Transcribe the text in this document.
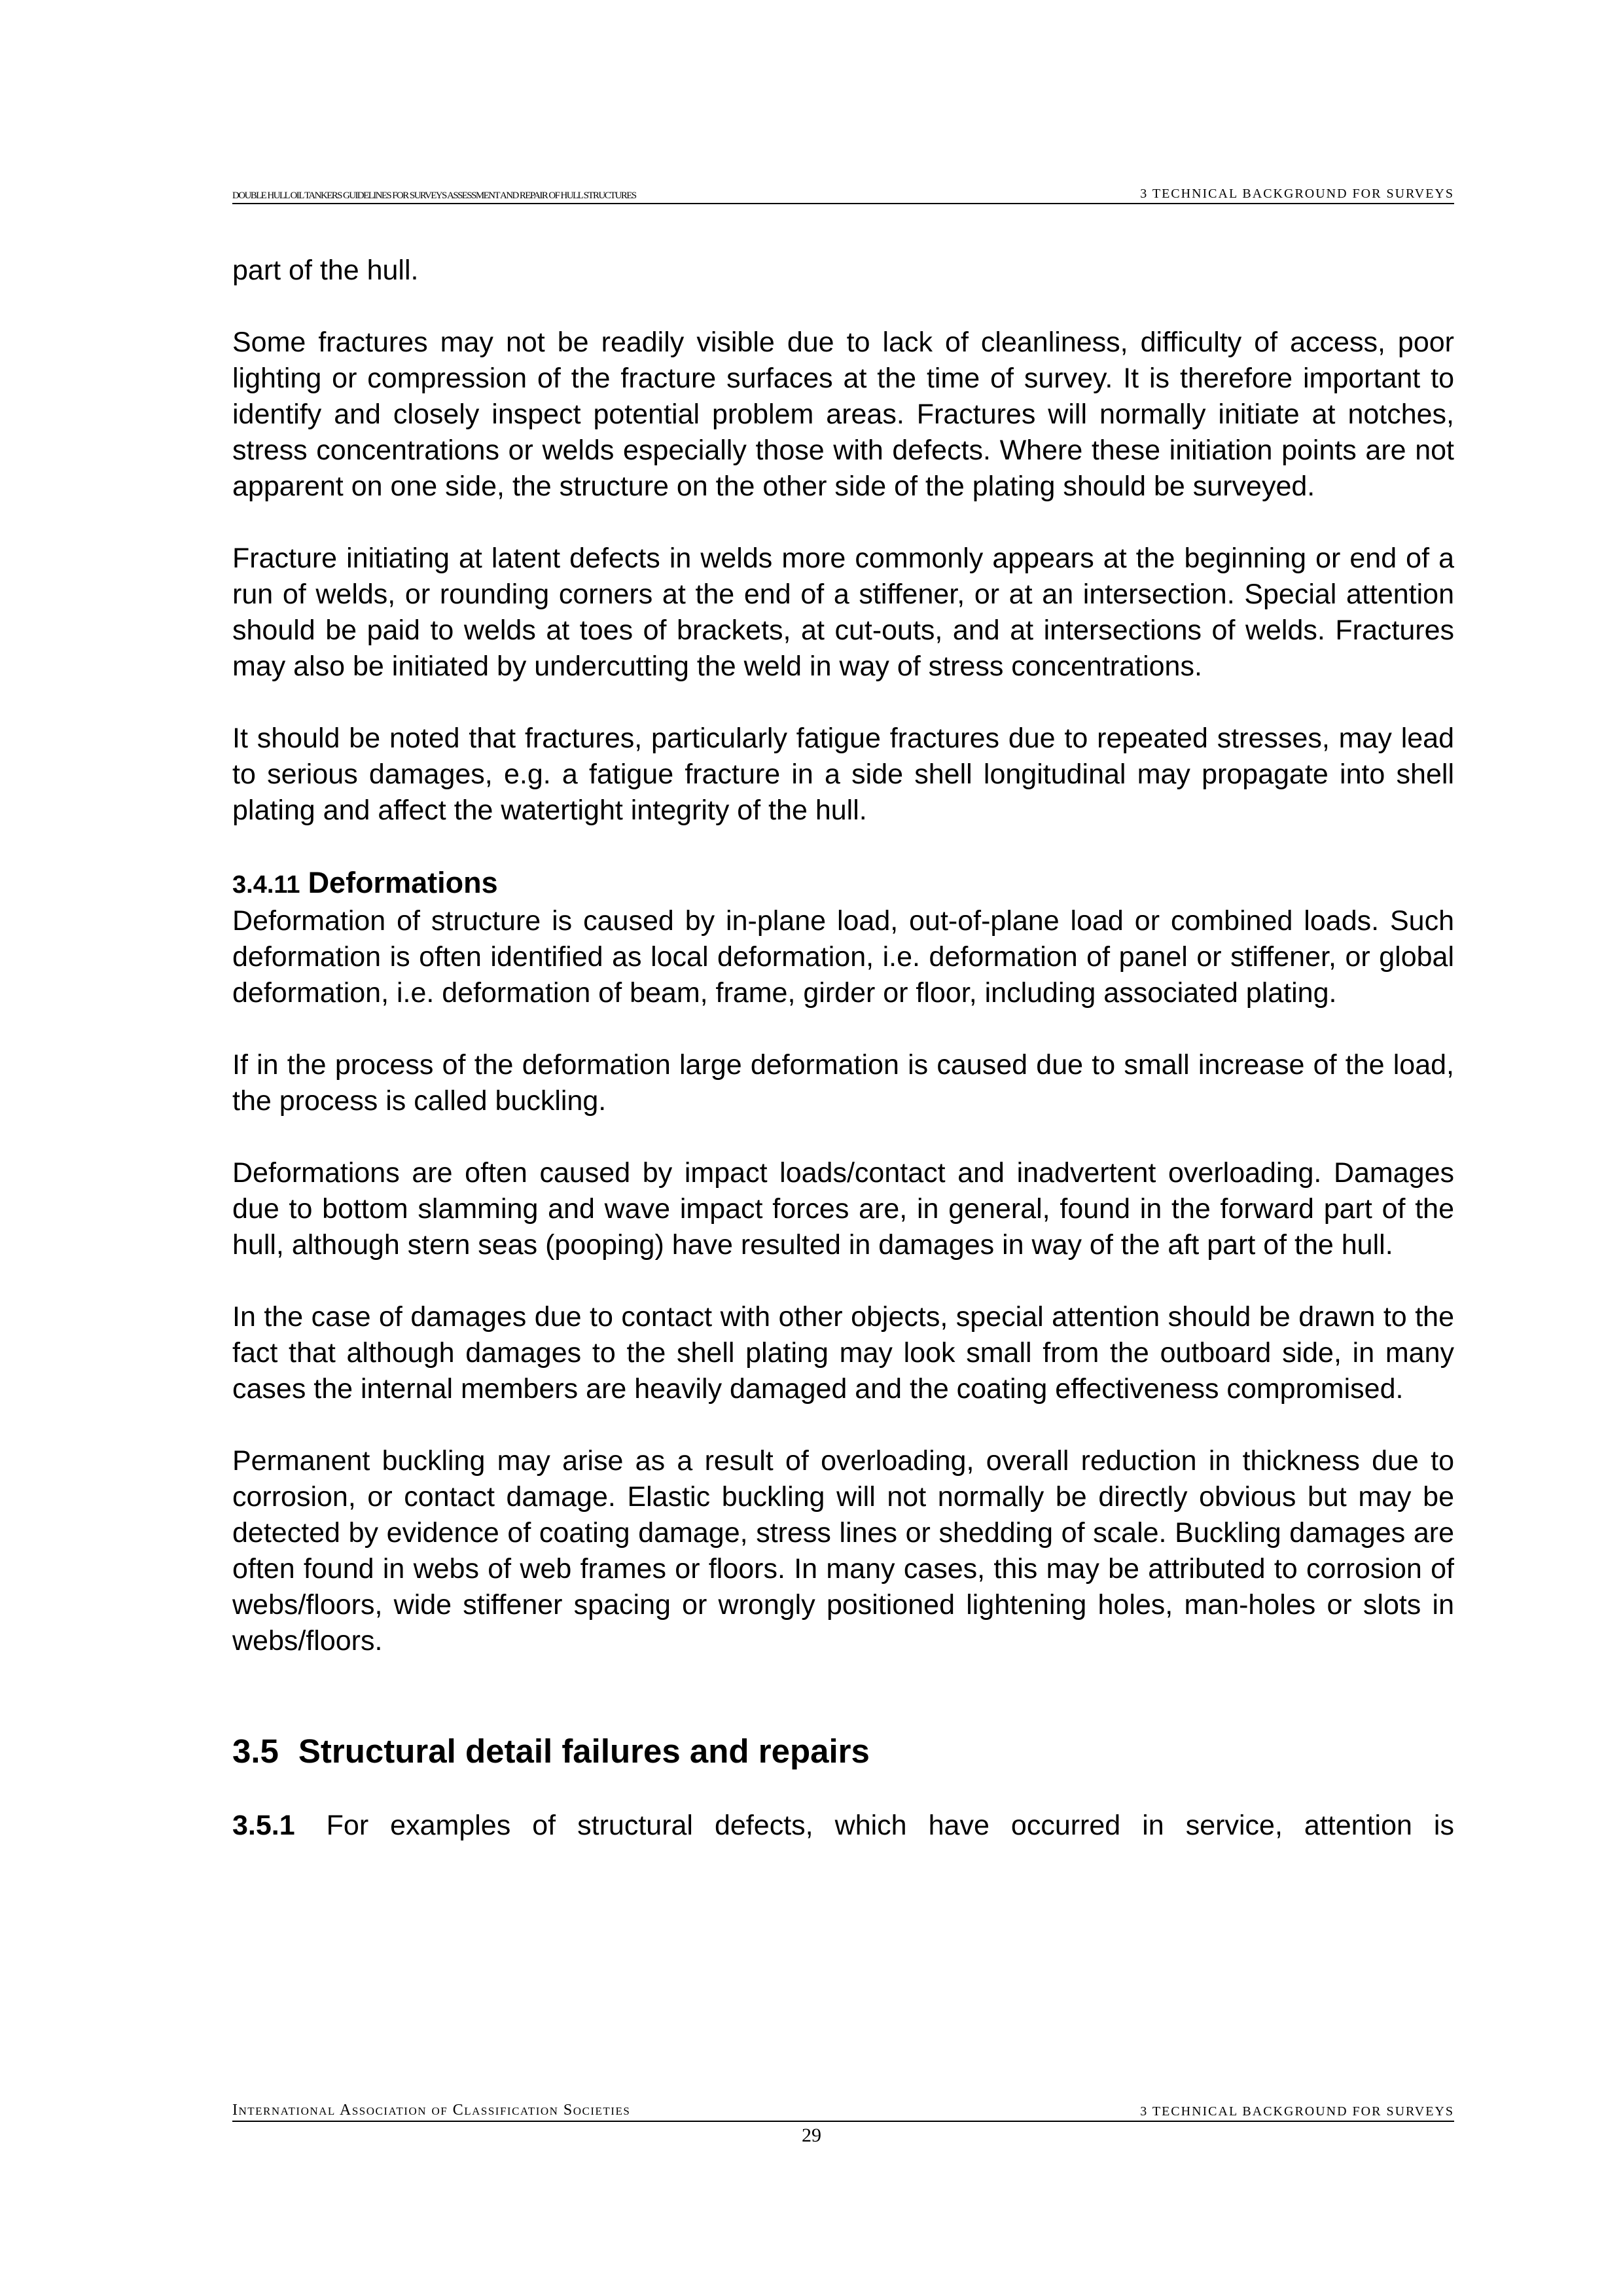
DOUBLE HULL OIL TANKERS GUIDELINES FOR SURVEYS ASSESSMENT AND REPAIR OF HULL STRUCTURES	3 TECHNICAL BACKGROUND FOR SURVEYS

part of the hull.

Some fractures may not be readily visible due to lack of cleanliness, difficulty of access, poor lighting or compression of the fracture surfaces at the time of survey. It is therefore important to identify and closely inspect potential problem areas. Fractures will normally initiate at notches, stress concentrations or welds especially those with defects. Where these initiation points are not apparent on one side, the structure on the other side of the plating should be surveyed.

Fracture initiating at latent defects in welds more commonly appears at the beginning or end of a run of welds, or rounding corners at the end of a stiffener, or at an intersection. Special attention should be paid to welds at toes of brackets, at cut-outs, and at intersections of welds. Fractures may also be initiated by undercutting the weld in way of stress concentrations.

It should be noted that fractures, particularly fatigue fractures due to repeated stresses, may lead to serious damages, e.g. a fatigue fracture in a side shell longitudinal may propagate into shell plating and affect the watertight integrity of the hull.

3.4.11 Deformations

Deformation of structure is caused by in-plane load, out-of-plane load or combined loads. Such deformation is often identified as local deformation, i.e. deformation of panel or stiffener, or global deformation, i.e. deformation of beam, frame, girder or floor, including associated plating.

If in the process of the deformation large deformation is caused due to small increase of the load, the process is called buckling.

Deformations are often caused by impact loads/contact and inadvertent overloading. Damages due to bottom slamming and wave impact forces are, in general, found in the forward part of the hull, although stern seas (pooping) have resulted in damages in way of the aft part of the hull.

In the case of damages due to contact with other objects, special attention should be drawn to the fact that although damages to the shell plating may look small from the outboard side, in many cases the internal members are heavily damaged and the coating effectiveness compromised.

Permanent buckling may arise as a result of overloading, overall reduction in thickness due to corrosion, or contact damage. Elastic buckling will not normally be directly obvious but may be detected by evidence of coating damage, stress lines or shedding of scale. Buckling damages are often found in webs of web frames or floors. In many cases, this may be attributed to corrosion of webs/floors, wide stiffener spacing or wrongly positioned lightening holes, man-holes or slots in webs/floors.

3.5 Structural detail failures and repairs

3.5.1 For examples of structural defects, which have occurred in service, attention is

International Association of Classification Societies	3 TECHNICAL BACKGROUND FOR SURVEYS
29
